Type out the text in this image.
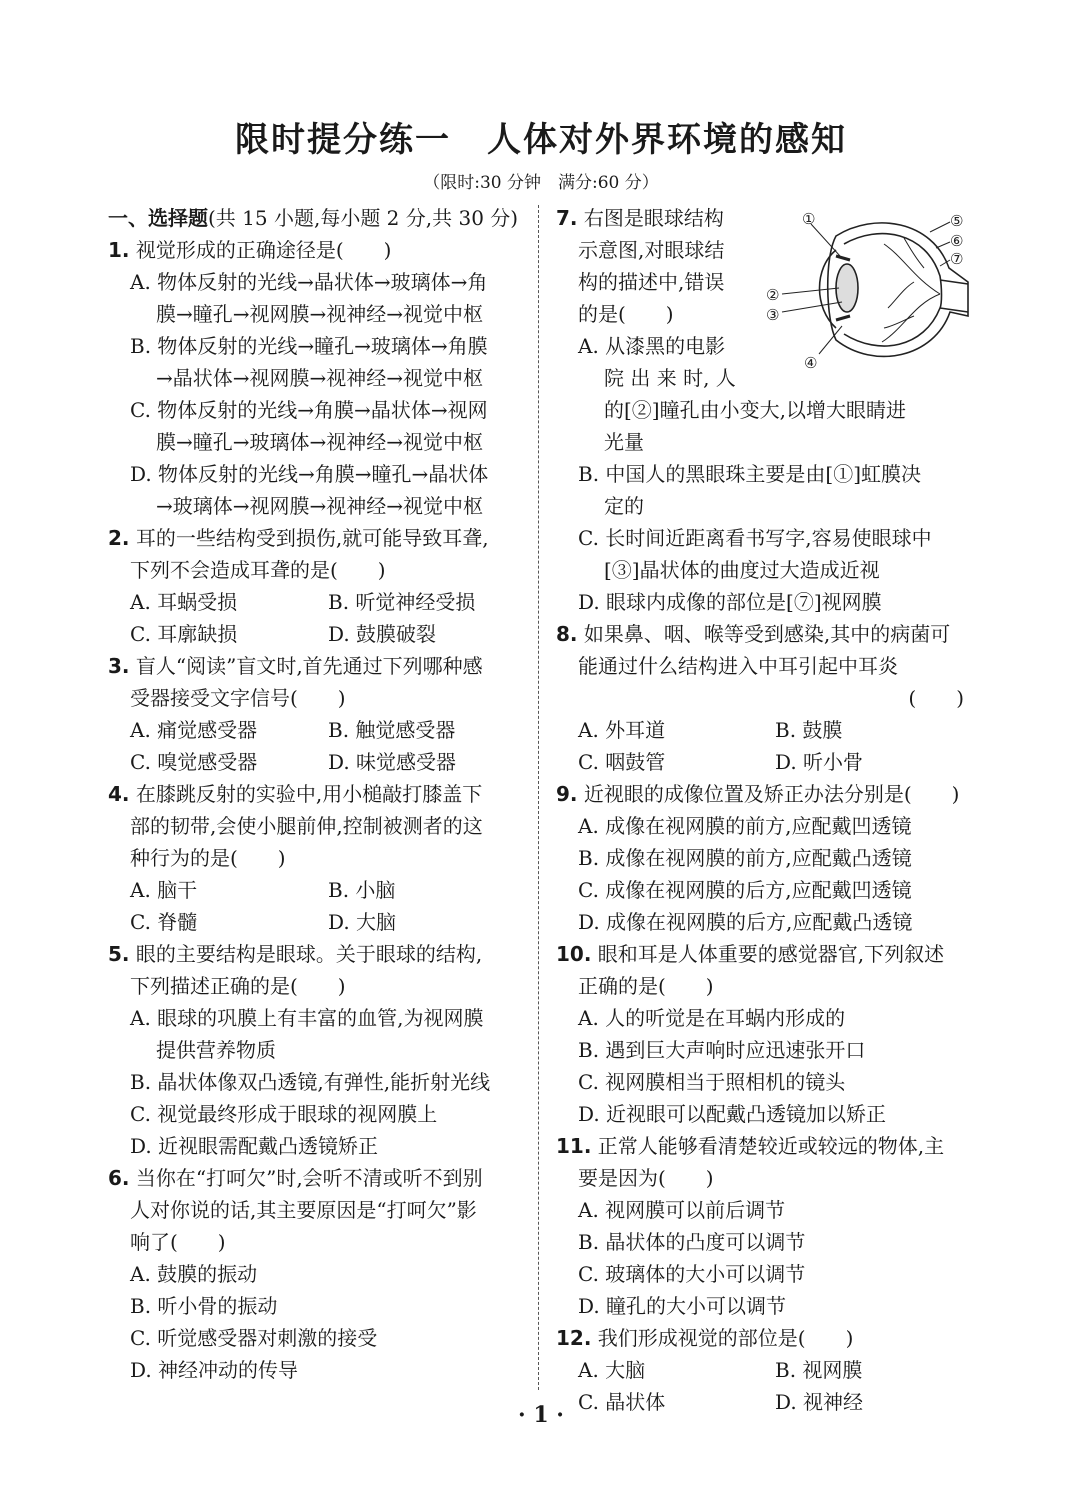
限时提分练一　人体对外界环境的感知
（限时:30 分钟　满分:60 分）
一、选择题(共 15 小题,每小题 2 分,共 30 分)
1. 视觉形成的正确途径是(　　)
A. 物体反射的光线→晶状体→玻璃体→角
膜→瞳孔→视网膜→视神经→视觉中枢
B. 物体反射的光线→瞳孔→玻璃体→角膜
→晶状体→视网膜→视神经→视觉中枢
C. 物体反射的光线→角膜→晶状体→视网
膜→瞳孔→玻璃体→视神经→视觉中枢
D. 物体反射的光线→角膜→瞳孔→晶状体
→玻璃体→视网膜→视神经→视觉中枢
2. 耳的一些结构受到损伤,就可能导致耳聋,
下列不会造成耳聋的是(　　)
A. 耳蜗受损	B. 听觉神经受损
C. 耳廓缺损	D. 鼓膜破裂
3. 盲人“阅读”盲文时,首先通过下列哪种感
受器接受文字信号(　　)
A. 痛觉感受器	B. 触觉感受器
C. 嗅觉感受器	D. 味觉感受器
4. 在膝跳反射的实验中,用小槌敲打膝盖下
部的韧带,会使小腿前伸,控制被测者的这
种行为的是(　　)
A. 脑干	B. 小脑
C. 脊髓	D. 大脑
5. 眼的主要结构是眼球。关于眼球的结构,
下列描述正确的是(　　)
A. 眼球的巩膜上有丰富的血管,为视网膜
提供营养物质
B. 晶状体像双凸透镜,有弹性,能折射光线
C. 视觉最终形成于眼球的视网膜上
D. 近视眼需配戴凸透镜矫正
6. 当你在“打呵欠”时,会听不清或听不到别
人对你说的话,其主要原因是“打呵欠”影
响了(　　)
A. 鼓膜的振动
B. 听小骨的振动
C. 听觉感受器对刺激的接受
D. 神经冲动的传导
7. 右图是眼球结构
示意图,对眼球结
构的描述中,错误
的是(　　)
A. 从漆黑的电影
①
②
③
④
⑤
⑥
⑦
院 出 来 时, 人
的[②]瞳孔由小变大,以增大眼睛进
光量
B. 中国人的黑眼珠主要是由[①]虹膜决
定的
C. 长时间近距离看书写字,容易使眼球中
[③]晶状体的曲度过大造成近视
D. 眼球内成像的部位是[⑦]视网膜
8. 如果鼻、咽、喉等受到感染,其中的病菌可
能通过什么结构进入中耳引起中耳炎
(　　)
A. 外耳道	B. 鼓膜
C. 咽鼓管	D. 听小骨
9. 近视眼的成像位置及矫正办法分别是(　　)
A. 成像在视网膜的前方,应配戴凹透镜
B. 成像在视网膜的前方,应配戴凸透镜
C. 成像在视网膜的后方,应配戴凹透镜
D. 成像在视网膜的后方,应配戴凸透镜
10. 眼和耳是人体重要的感觉器官,下列叙述
正确的是(　　)
A. 人的听觉是在耳蜗内形成的
B. 遇到巨大声响时应迅速张开口
C. 视网膜相当于照相机的镜头
D. 近视眼可以配戴凸透镜加以矫正
11. 正常人能够看清楚较近或较远的物体,主
要是因为(　　)
A. 视网膜可以前后调节
B. 晶状体的凸度可以调节
C. 玻璃体的大小可以调节
D. 瞳孔的大小可以调节
12. 我们形成视觉的部位是(　　)
A. 大脑	B. 视网膜
C. 晶状体	D. 视神经
· 1 ·
